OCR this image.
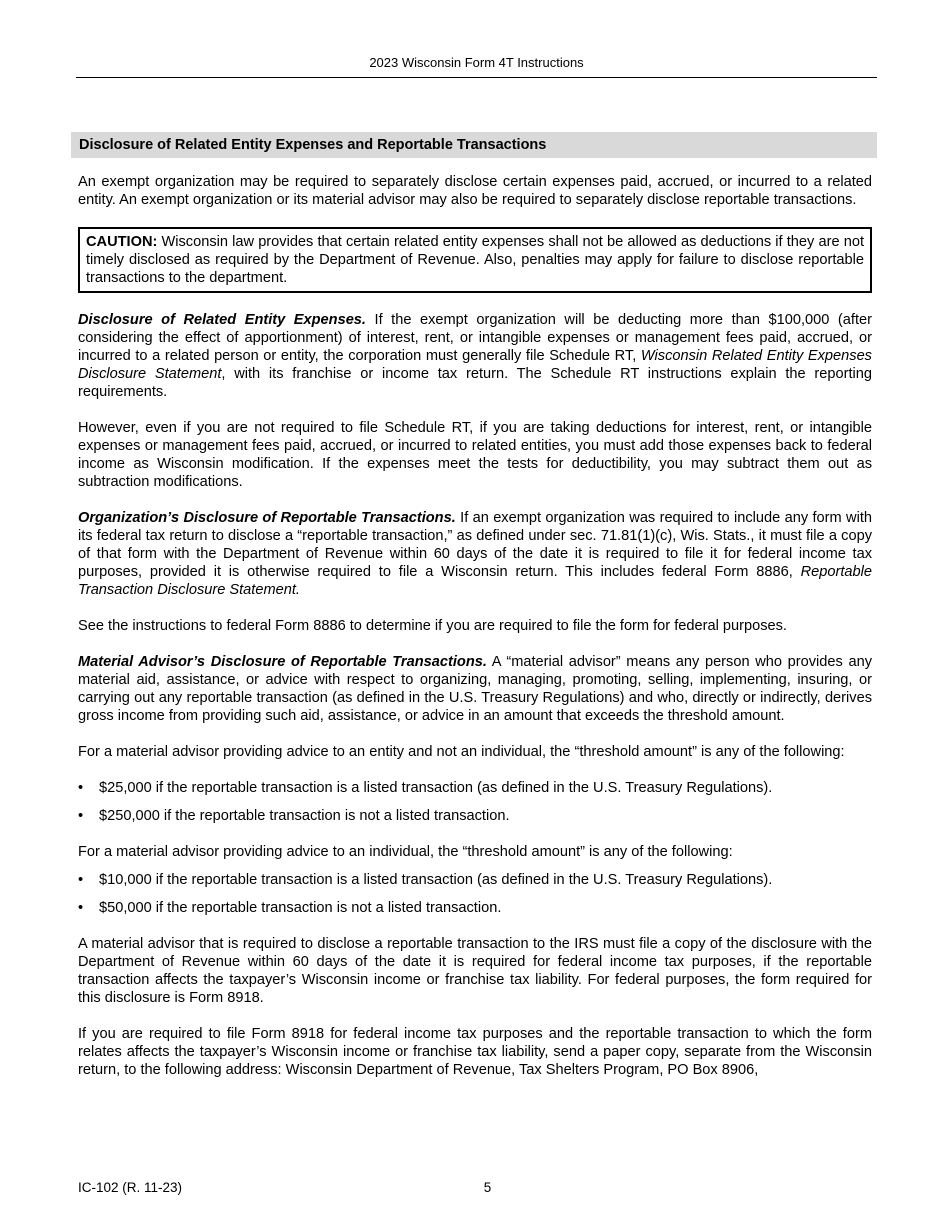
2023 Wisconsin Form 4T Instructions
Disclosure of Related Entity Expenses and Reportable Transactions

An exempt organization may be required to separately disclose certain expenses paid, accrued, or incurred to a related entity. An exempt organization or its material advisor may also be required to separately disclose reportable transactions.

CAUTION: Wisconsin law provides that certain related entity expenses shall not be allowed as deductions if they are not timely disclosed as required by the Department of Revenue. Also, penalties may apply for failure to disclose reportable transactions to the department.

Disclosure of Related Entity Expenses. If the exempt organization will be deducting more than $100,000 (after considering the effect of apportionment) of interest, rent, or intangible expenses or management fees paid, accrued, or incurred to a related person or entity, the corporation must generally file Schedule RT, Wisconsin Related Entity Expenses Disclosure Statement, with its franchise or income tax return. The Schedule RT instructions explain the reporting requirements.

However, even if you are not required to file Schedule RT, if you are taking deductions for interest, rent, or intangible expenses or management fees paid, accrued, or incurred to related entities, you must add those expenses back to federal income as Wisconsin modification. If the expenses meet the tests for deductibility, you may subtract them out as subtraction modifications.

Organization’s Disclosure of Reportable Transactions. If an exempt organization was required to include any form with its federal tax return to disclose a “reportable transaction,” as defined under sec. 71.81(1)(c), Wis. Stats., it must file a copy of that form with the Department of Revenue within 60 days of the date it is required to file it for federal income tax purposes, provided it is otherwise required to file a Wisconsin return. This includes federal Form 8886, Reportable Transaction Disclosure Statement.

See the instructions to federal Form 8886 to determine if you are required to file the form for federal purposes.

Material Advisor’s Disclosure of Reportable Transactions. A “material advisor” means any person who provides any material aid, assistance, or advice with respect to organizing, managing, promoting, selling, implementing, insuring, or carrying out any reportable transaction (as defined in the U.S. Treasury Regulations) and who, directly or indirectly, derives gross income from providing such aid, assistance, or advice in an amount that exceeds the threshold amount.

For a material advisor providing advice to an entity and not an individual, the “threshold amount” is any of the following:

• $25,000 if the reportable transaction is a listed transaction (as defined in the U.S. Treasury Regulations).
• $250,000 if the reportable transaction is not a listed transaction.

For a material advisor providing advice to an individual, the “threshold amount” is any of the following:

• $10,000 if the reportable transaction is a listed transaction (as defined in the U.S. Treasury Regulations).
• $50,000 if the reportable transaction is not a listed transaction.

A material advisor that is required to disclose a reportable transaction to the IRS must file a copy of the disclosure with the Department of Revenue within 60 days of the date it is required for federal income tax purposes, if the reportable transaction affects the taxpayer’s Wisconsin income or franchise tax liability. For federal purposes, the form required for this disclosure is Form 8918.

If you are required to file Form 8918 for federal income tax purposes and the reportable transaction to which the form relates affects the taxpayer’s Wisconsin income or franchise tax liability, send a paper copy, separate from the Wisconsin return, to the following address: Wisconsin Department of Revenue, Tax Shelters Program, PO Box 8906,

IC-102 (R. 11-23)	5
